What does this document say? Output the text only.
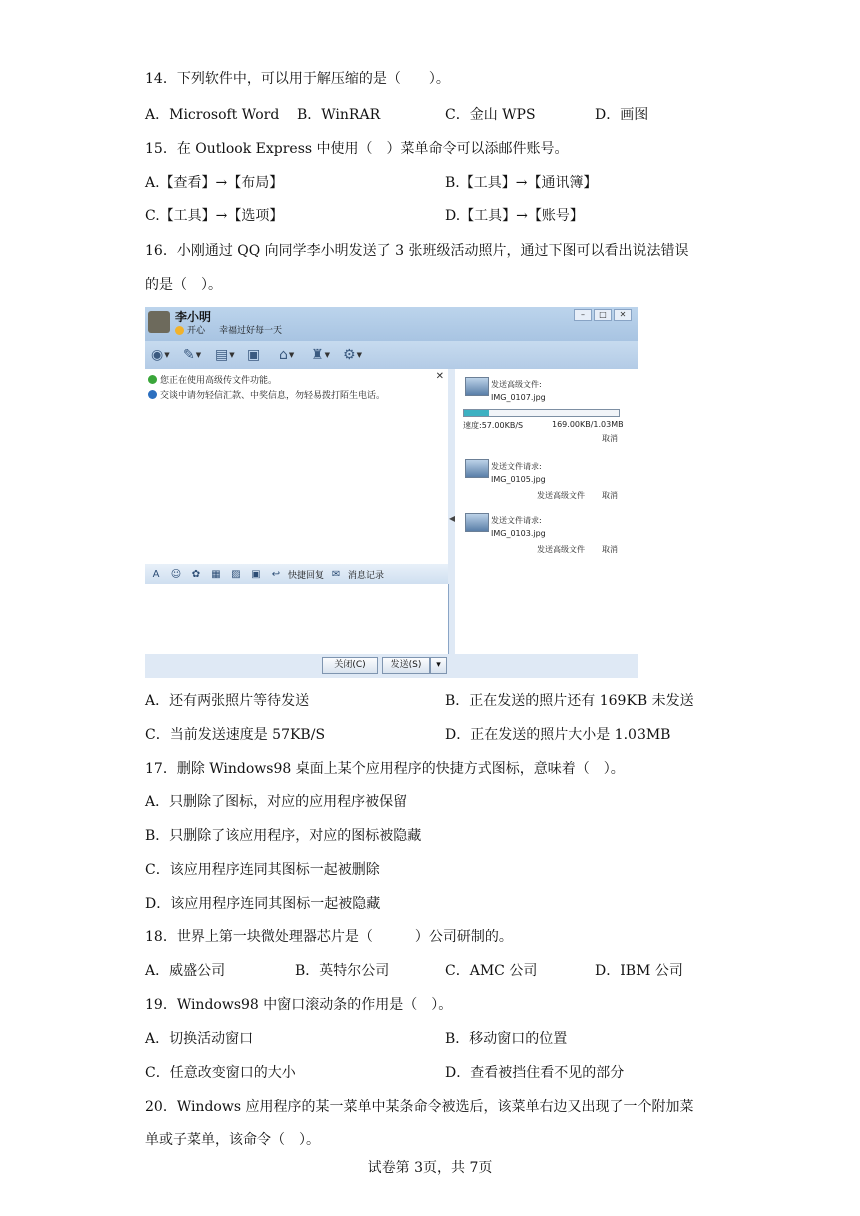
14．下列软件中，可以用于解压缩的是（　　）。
A．Microsoft Word B．WinRAR	C．金山 WPS	D．画图
15．在 Outlook Express 中使用（　）菜单命令可以添邮件账号。
A.【查看】→【布局】	B.【工具】→【通讯簿】
C.【工具】→【选项】	D.【工具】→【账号】
16．小刚通过 QQ 向同学李小明发送了 3 张班级活动照片，通过下图可以看出说法错误
的是（　）。
李小明
开心 幸福过好每一天
–	□	✕
◉ ▼ ✎ ▼ ▤ ▼ ▣	⌂ ▼ ♜ ▼ ⚙ ▼
您正在使用高级传文件功能。	✕
交谈中请勿轻信汇款、中奖信息，勿轻易拨打陌生电话。
◀
发送高级文件:
IMG_0107.jpg
速度:57.00KB/S	169.00KB/1.03MB
取消
发送文件请求:
IMG_0105.jpg
发送高级文件 取消
发送文件请求:
IMG_0103.jpg
发送高级文件 取消
A	☺	✿	▦	▨	▣	↩ 快捷回复 ✉ 消息记录
关闭(C)	发送(S)	▾
A．还有两张照片等待发送	B．正在发送的照片还有 169KB 未发送
C．当前发送速度是 57KB/S	D．正在发送的照片大小是 1.03MB
17．删除 Windows98 桌面上某个应用程序的快捷方式图标，意味着（　）。
A．只删除了图标，对应的应用程序被保留
B．只删除了该应用程序，对应的图标被隐藏
C．该应用程序连同其图标一起被删除
D．该应用程序连同其图标一起被隐藏
18．世界上第一块微处理器芯片是（　　　）公司研制的。
A．威盛公司	B．英特尔公司	C．AMC 公司	D．IBM 公司
19．Windows98 中窗口滚动条的作用是（　）。
A．切换活动窗口	B．移动窗口的位置
C．任意改变窗口的大小	D．查看被挡住看不见的部分
20．Windows 应用程序的某一菜单中某条命令被选后，该菜单右边又出现了一个附加菜
单或子菜单，该命令（　）。
试卷第 3页，共 7页
